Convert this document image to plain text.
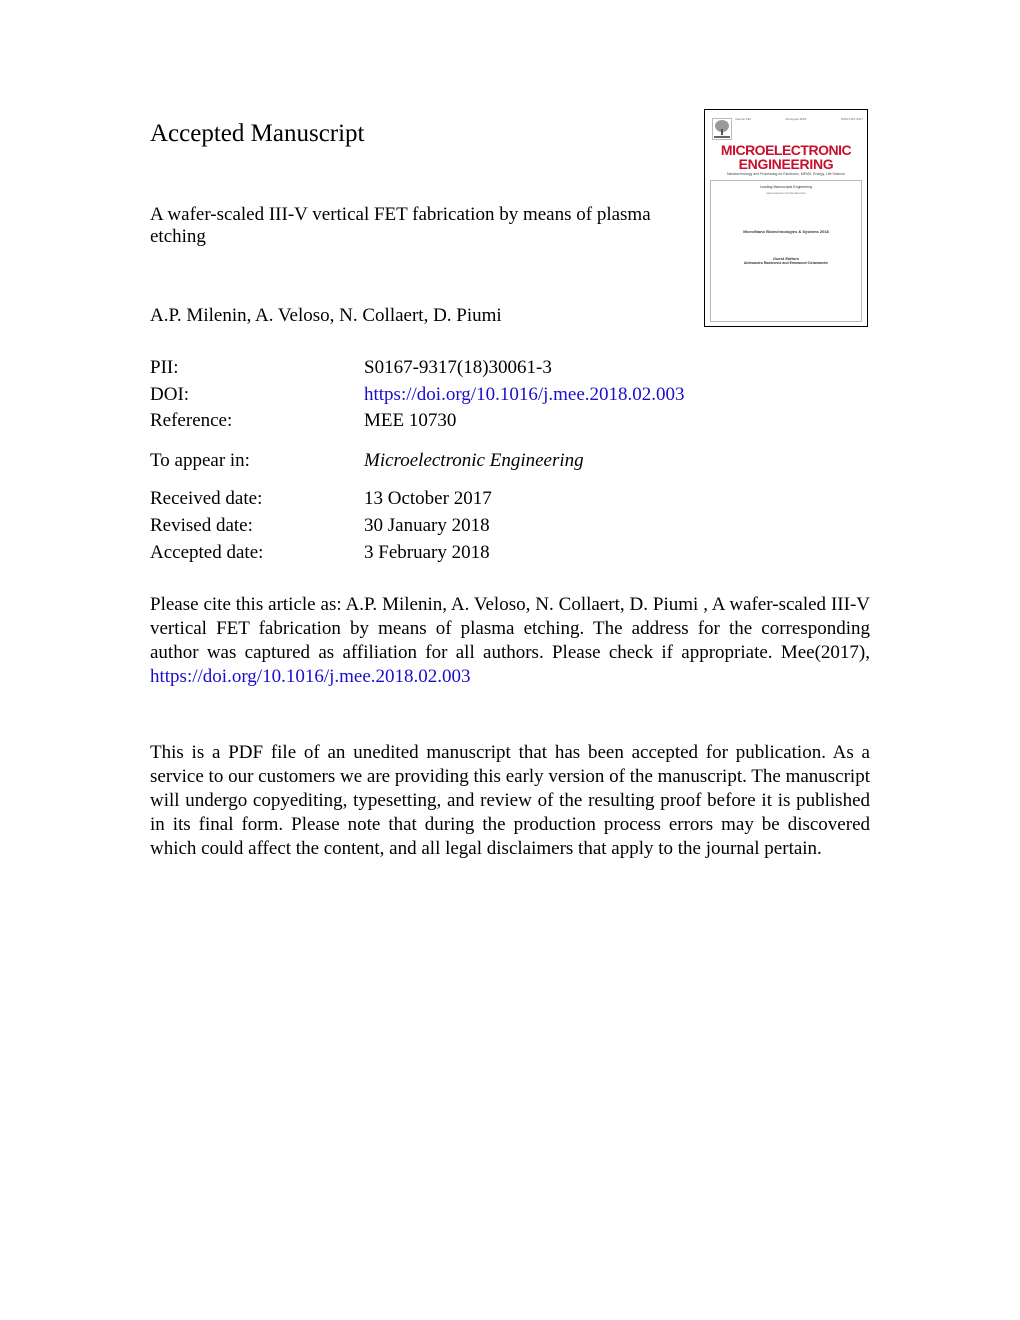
Accepted Manuscript
A wafer-scaled III-V vertical FET fabrication by means of plasma etching
A.P. Milenin, A. Veloso, N. Collaert, D. Piumi
Volume 196	20 August 2018	ISSN 0167-9317
MICROELECTRONIC
ENGINEERING
Nanotechnology and Processing for Electronic, MEMS, Energy, Life Science
Leading Manuscripts Engineering
www.elsevier.com/locate/mee
Micro/Nano Biotechnologies & Systems 2018
Guest Editors
Aleksandra Radenovic and Emmanuel Delamarche
PII:	S0167-9317(18)30061-3
DOI:	https://doi.org/10.1016/j.mee.2018.02.003
Reference:	MEE 10730
To appear in:	Microelectronic Engineering
Received date:	13 October 2017
Revised date:	30 January 2018
Accepted date:	3 February 2018
Please cite this article as: A.P. Milenin, A. Veloso, N. Collaert, D. Piumi , A wafer-scaled III-V vertical FET fabrication by means of plasma etching. The address for the corresponding author was captured as affiliation for all authors. Please check if appropriate. Mee(2017), https://doi.org/10.1016/j.mee.2018.02.003
This is a PDF file of an unedited manuscript that has been accepted for publication. As a service to our customers we are providing this early version of the manuscript. The manuscript will undergo copyediting, typesetting, and review of the resulting proof before it is published in its final form. Please note that during the production process errors may be discovered which could affect the content, and all legal disclaimers that apply to the journal pertain.
